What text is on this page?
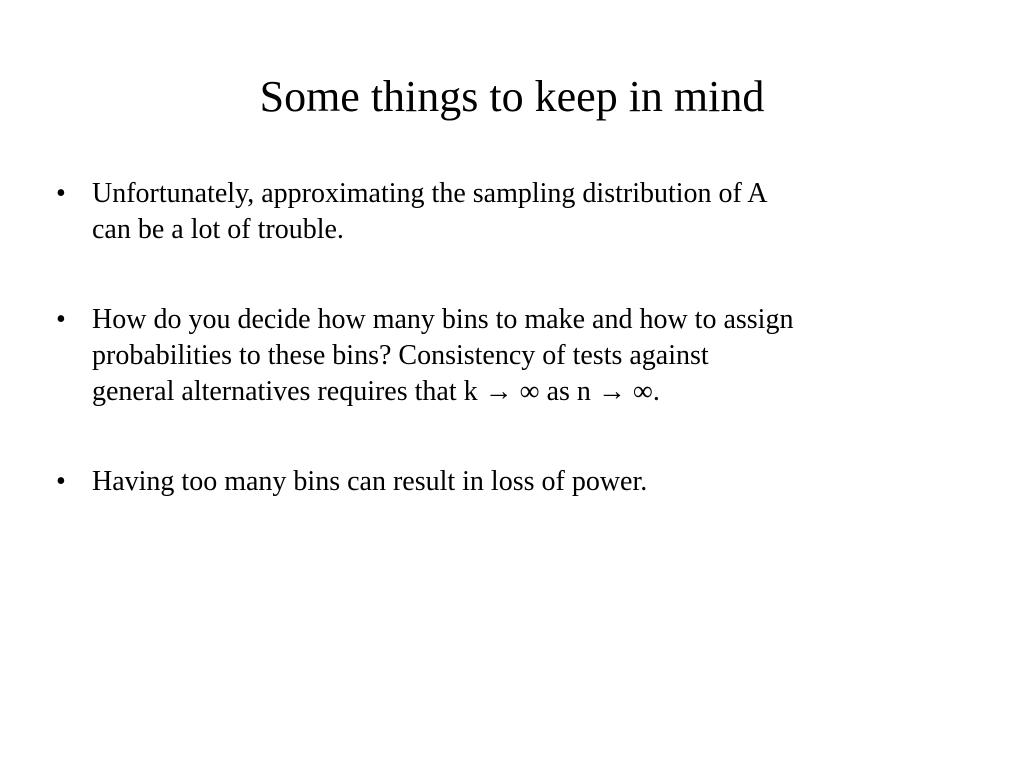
Some things to keep in mind
• Unfortunately, approximating the sampling distribution of A
can be a lot of trouble.
• How do you decide how many bins to make and how to assign
probabilities to these bins? Consistency of tests against
general alternatives requires that k → ∞ as n → ∞.
• Having too many bins can result in loss of power.
